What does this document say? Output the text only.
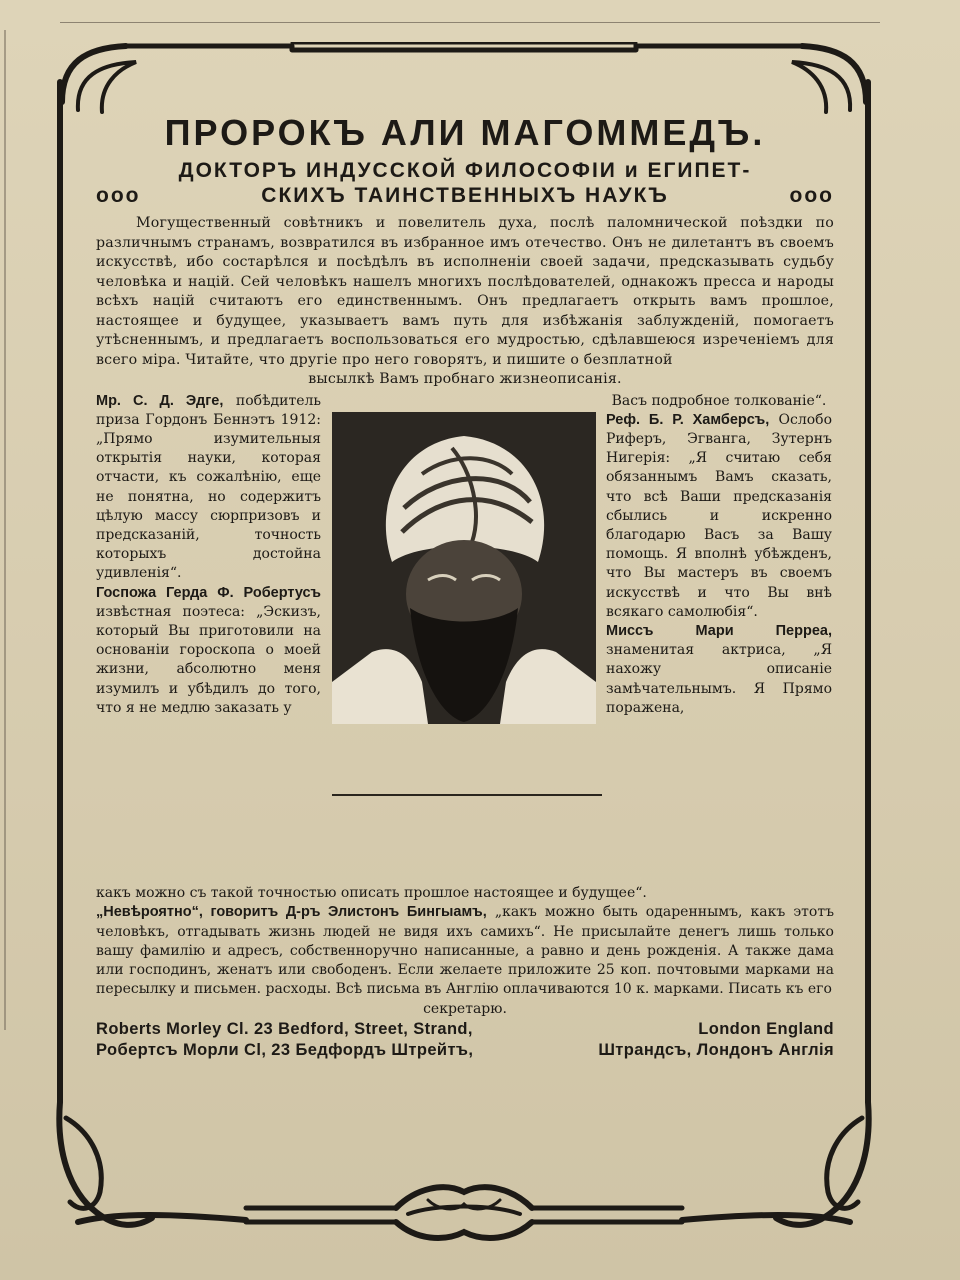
ПРОРОКЪ АЛИ МАГОММЕДЪ.
ДОКТОРЪ ИНДУССКОЙ ФИЛОСОФІИ и ЕГИПЕТ-
ooo	СКИХЪ ТАИНСТВЕННЫХЪ НАУКЪ	ooo

Могущественный совѣтникъ и повелитель духа, послѣ паломнической поѣздки по различнымъ странамъ, возвратился въ избранное имъ отечество. Онъ не дилетантъ въ своемъ искусствѣ, ибо состарѣлся и посѣдѣлъ въ исполненіи своей задачи, предсказывать судьбу человѣка и націй. Сей человѣкъ нашелъ многихъ послѣдователей, однакожъ пресса и народы всѣхъ націй считаютъ его единственнымъ. Онъ предлагаетъ открыть вамъ прошлое, настоящее и будущее, указываетъ вамъ путь для избѣжанія заблужденій, помогаетъ утѣсненнымъ, и предлагаетъ воспользоваться его мудростью, сдѣлавшеюся изреченіемъ для всего міра. Читайте, что другіе про него говорятъ, и пишите о безплатной

высылкѣ Вамъ пробнаго жизнеописанія.

Мр. С. Д. Эдге, побѣдитель приза Гордонъ Беннэтъ 1912: „Прямо изумительныя открытія науки, которая отчасти, къ сожалѣнію, еще не понятна, но содержитъ цѣлую массу сюрпризовъ и предсказаній, точность которыхъ достойна удивленія“.
Госпожа Герда Ф. Робертусъ извѣстная поэтеса: „Эскизъ, который Вы приготовили на основаніи гороскопа о моей жизни, абсолютно меня изумилъ и убѣдилъ до того, что я не медлю заказать у
Васъ подробное толкованіе“.
Реф. Б. Р. Хамберсъ, Ослобо Риферъ, Эгванга, Зутернъ Нигерія: „Я считаю себя обязаннымъ Вамъ сказать, что всѣ Ваши предсказанія сбылись и искренно благодарю Васъ за Вашу помощь. Я вполнѣ убѣжденъ, что Вы мастеръ въ своемъ искусствѣ и что Вы внѣ всякаго самолюбія“.
Миссъ Мари Перреа, знаменитая актриса, „Я нахожу описаніе замѣчательнымъ. Я Прямо поражена,
какъ можно съ такой точностью описать прошлое настоящее и будущее“.
„Невѣроятно“, говоритъ Д-ръ Элистонъ Бингыамъ, „какъ можно быть одареннымъ, какъ этотъ человѣкъ, отгадывать жизнь людей не видя ихъ самихъ“. Не присылайте денегъ лишь только вашу фамилію и адресъ, собственноручно написанные, а равно и день рожденія. А также дама или господинъ, женатъ или свободенъ. Если желаете приложите 25 коп. почтовыми марками на пересылку и письмен. расходы. Всѣ письма въ Англію оплачиваются 10 к. марками. Писать къ его
секретарю.
Roberts Morley Cl. 23 Bedford, Street, Strand,	London England
Робертсъ Морли Cl, 23 Бедфордъ Штрейтъ,	Штрандсъ, Лондонъ Англія
